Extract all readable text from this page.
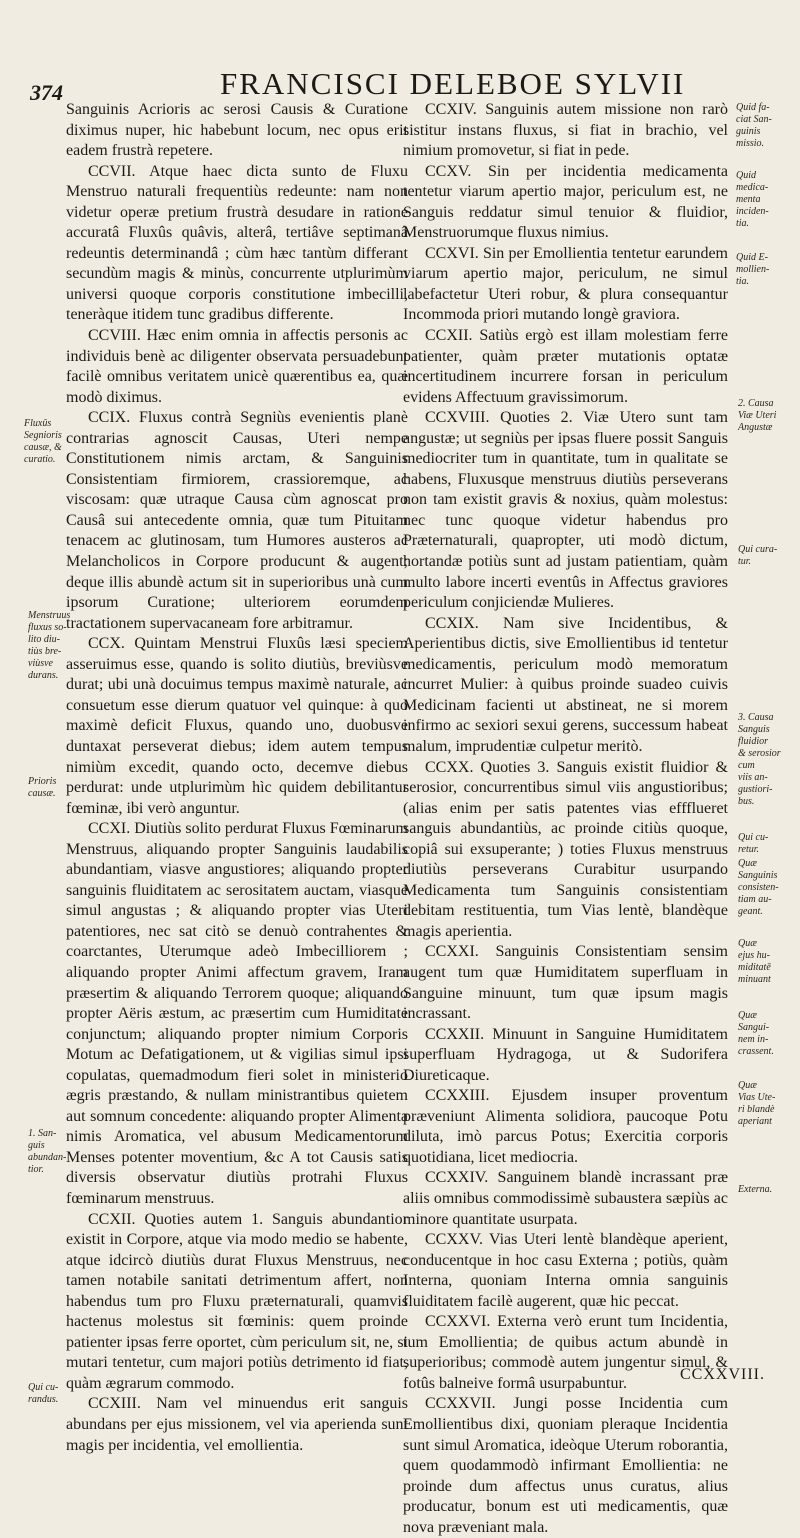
374	FRANCISCI DELEBOE SYLVII

Sanguinis Acrioris ac serosi Causis & Curatione diximus nuper, hic habebunt locum, nec opus erit eadem frustrà repetere.

CCVII. Atque haec dicta sunto de Fluxu Menstruo naturali frequentiùs redeunte: nam non videtur operæ pretium frustrà desudare in ratione accuratâ Fluxûs quâvis, alterâ, tertiâve septimanâ redeuntis determinandâ ; cùm hæc tantùm differant secundùm magis & minùs, concurrente utplurimùm universi quoque corporis constitutione imbecilli, teneràque itidem tunc gradibus differente.

CCVIII. Hæc enim omnia in affectis personis ac individuis benè ac diligenter observata persuadebunt facilè omnibus veritatem unicè quærentibus ea, quæ modò diximus.

CCIX. Fluxus contrà Segniùs evenientis planè contrarias agnoscit Causas, Uteri nempe Constitutionem nimis arctam, & Sanguinis Consistentiam firmiorem, crassioremque, ac viscosam: quæ utraque Causa cùm agnoscat pro Causâ sui antecedente omnia, quæ tum Pituitam tenacem ac glutinosam, tum Humores austeros ac Melancholicos in Corpore producunt & augent; deque illis abundè actum sit in superioribus unà cum ipsorum Curatione; ulteriorem eorumdem tractationem supervacaneam fore arbitramur.

CCX. Quintam Menstrui Fluxûs læsi speciem asseruimus esse, quando is solito diutiùs, breviùsve durat; ubi unà docuimus tempus maximè naturale, ac consuetum esse dierum quatuor vel quinque: à quo maximè deficit Fluxus, quando uno, duobusve duntaxat perseverat diebus; idem autem tempus nimiùm excedit, quando octo, decemve diebus perdurat: unde utplurimùm hìc quidem debilitantur fœminæ, ibi verò anguntur.

CCXI. Diutiùs solito perdurat Fluxus Fœminarum Menstruus, aliquando propter Sanguinis laudabilis abundantiam, viasve angustiores; aliquando propter sanguinis fluiditatem ac serositatem auctam, viasque simul angustas ; & aliquando propter vias Uteri patentiores, nec sat citò se denuò contrahentes & coarctantes, Uterumque adeò Imbecilliorem ; aliquando propter Animi affectum gravem, Iram præsertim & aliquando Terrorem quoque; aliquando propter Aëris æstum, ac præsertim cum Humiditate conjunctum; aliquando propter nimium Corporis Motum ac Defatigationem, ut & vigilias simul ipsi copulatas, quemadmodum fieri solet in ministerio ægris præstando, & nullam ministrantibus quietem aut somnum concedente: aliquando propter Alimenta nimis Aromatica, vel abusum Medicamentorum Menses potenter moventium, &c A tot Causis satis diversis observatur diutiùs protrahi Fluxus fœminarum menstruus.

CCXII. Quoties autem 1. Sanguis abundantior existit in Corpore, atque via modo medio se habente, atque idcircò diutiùs durat Fluxus Menstruus, nec tamen notabile sanitati detrimentum affert, non habendus tum pro Fluxu præternaturali, quamvis hactenus molestus sit fœminis: quem proinde patienter ipsas ferre oportet, cùm periculum sit, ne, si mutari tentetur, cum majori potiùs detrimento id fiat, quàm ægrarum commodo.

CCXIII. Nam vel minuendus erit sanguis abundans per ejus missionem, vel via aperienda sunt magis per incidentia, vel emollientia.

CCXIV. Sanguinis autem missione non rarò sistitur instans fluxus, si fiat in brachio, vel nimium promovetur, si fiat in pede.

CCXV. Sin per incidentia medicamenta tentetur viarum apertio major, periculum est, ne Sanguis reddatur simul tenuior & fluidior, Menstruorumque fluxus nimius.

CCXVI. Sin per Emollientia tentetur earundem viarum apertio major, periculum, ne simul labefactetur Uteri robur, & plura consequantur Incommoda priori mutando longè graviora.

CCXII. Satiùs ergò est illam molestiam ferre patienter, quàm præter mutationis optatæ incertitudinem incurrere forsan in periculum evidens Affectuum gravissimorum.

CCXVIII. Quoties 2. Viæ Utero sunt tam angustæ; ut segniùs per ipsas fluere possit Sanguis mediocriter tum in quantitate, tum in qualitate se habens, Fluxusque menstruus diutiùs perseverans non tam existit gravis & noxius, quàm molestus: nec tunc quoque videtur habendus pro Præternaturali, quapropter, uti modò dictum, hortandæ potiùs sunt ad justam patientiam, quàm multo labore incerti eventûs in Affectus graviores periculum conjiciendæ Mulieres.

CCXIX. Nam sive Incidentibus, & Aperientibus dictis, sive Emollientibus id tentetur medicamentis, periculum modò memoratum incurret Mulier: à quibus proinde suadeo cuivis Medicinam facienti ut abstineat, ne si morem infirmo ac sexiori sexui gerens, successum habeat malum, imprudentiæ culpetur meritò.

CCXX. Quoties 3. Sanguis existit fluidior & serosior, concurrentibus simul viis angustioribus; (alias enim per satis patentes vias effflueret sanguis abundantiùs, ac proinde citiùs quoque, copiâ sui exsuperante; ) toties Fluxus menstruus diutiùs perseverans Curabitur usurpando Medicamenta tum Sanguinis consistentiam debitam restituentia, tum Vias lentè, blandèque magis aperientia.

CCXXI. Sanguinis Consistentiam sensim augent tum quæ Humiditatem superfluam in Sanguine minuunt, tum quæ ipsum magis incrassant.

CCXXII. Minuunt in Sanguine Humiditatem superfluam Hydragoga, ut & Sudorifera Diureticaque.

CCXXIII. Ejusdem insuper proventum præveniunt Alimenta solidiora, paucoque Potu diluta, imò parcus Potus; Exercitia corporis quotidiana, licet mediocria.

CCXXIV. Sanguinem blandè incrassant præ aliis omnibus commodissimè subaustera sæpiùs ac minore quantitate usurpata.

CCXXV. Vias Uteri lentè blandèque aperient, conducentque in hoc casu Externa ; potiùs, quàm Interna, quoniam Interna omnia sanguinis fluiditatem facilè augerent, quæ hic peccat.

CCXXVI. Externa verò erunt tum Incidentia, tum Emollientia; de quibus actum abundè in superioribus; commodè autem jungentur simul, & fotûs balneive formâ usurpabuntur.

CCXXVII. Jungi posse Incidentia cum Emollientibus dixi, quoniam pleraque Incidentia sunt simul Aromatica, ideòque Uterum roborantia, quem quodammodò infirmant Emollientia: ne proinde dum affectus unus curatus, alius producatur, bonum est uti medicamentis, quæ nova præveniant mala.

Fluxûs
Segnioris
causæ, &
curatio.
Menstruus
fluxus so-
lito diu-
tiùs bre-
viùsve
durans.
Prioris
causæ.
1. San-
guis
abundan-
tior.
Qui cu-
randus.
Quid fa-
ciat San-
guinis
missio.
Quid
medica-
menta
inciden-
tia.
Quid E-
mollien-
tia.
2. Causa
Viæ Uteri
Angustæ
Qui cura-
tur.
3. Causa
Sanguis
fluidior
& serosior cum
viis an-
gustiori-
bus.
Qui cu-
retur.
Quæ
Sanguinis
consisten-
tiam au-
geant.
Quæ
ejus hu-
miditatē
minuant
Quæ
Sangui-
nem in-
crassent.
Quæ
Vias Ute-
ri blandè
aperiant
Externa.
CCXXVIII.
